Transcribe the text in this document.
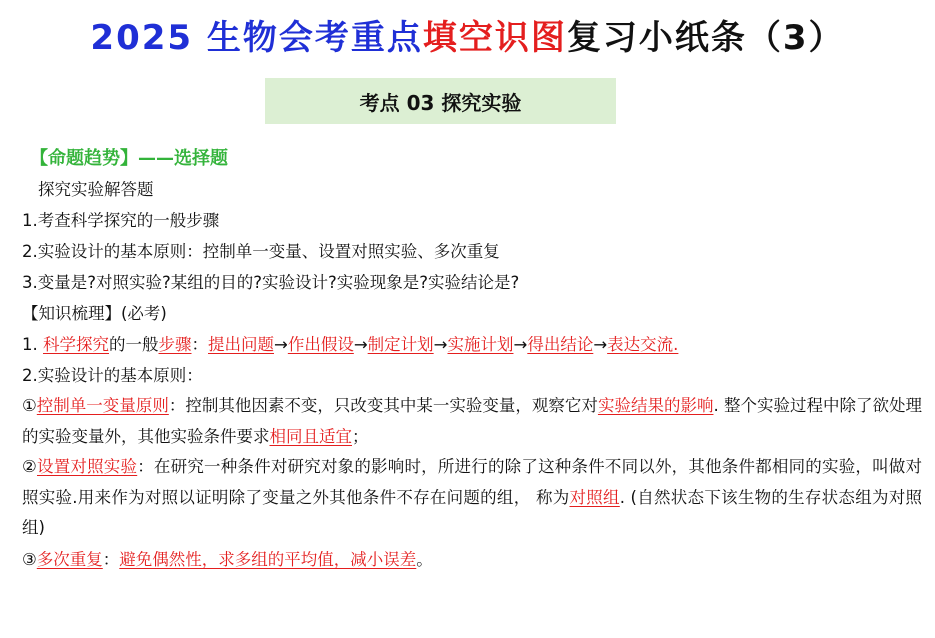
2025 生物会考重点填空识图复习小纸条（3）
考点 03 探究实验
【命题趋势】——选择题
探究实验解答题
1.考查科学探究的一般步骤
2.实验设计的基本原则：控制单一变量、设置对照实验、多次重复
3.变量是?对照实验?某组的目的?实验设计?实验现象是?实验结论是?
【知识梳理】(必考)
1. 科学探究的一般步骤：提出问题→作出假设→制定计划→实施计划→得出结论→表达交流.
2.实验设计的基本原则：
①控制单一变量原则：控制其他因素不变，只改变其中某一实验变量，观察它对实验结果的影响. 整个实验过程中除了欲处理的实验变量外，其他实验条件要求相同且适宜；
②设置对照实验：在研究一种条件对研究对象的影响时，所进行的除了这种条件不同以外，其他条件都相同的实验，叫做对照实验.用来作为对照以证明除了变量之外其他条件不存在问题的组， 称为对照组. (自然状态下该生物的生存状态组为对照组)
③多次重复：避免偶然性，求多组的平均值，减小误差。
